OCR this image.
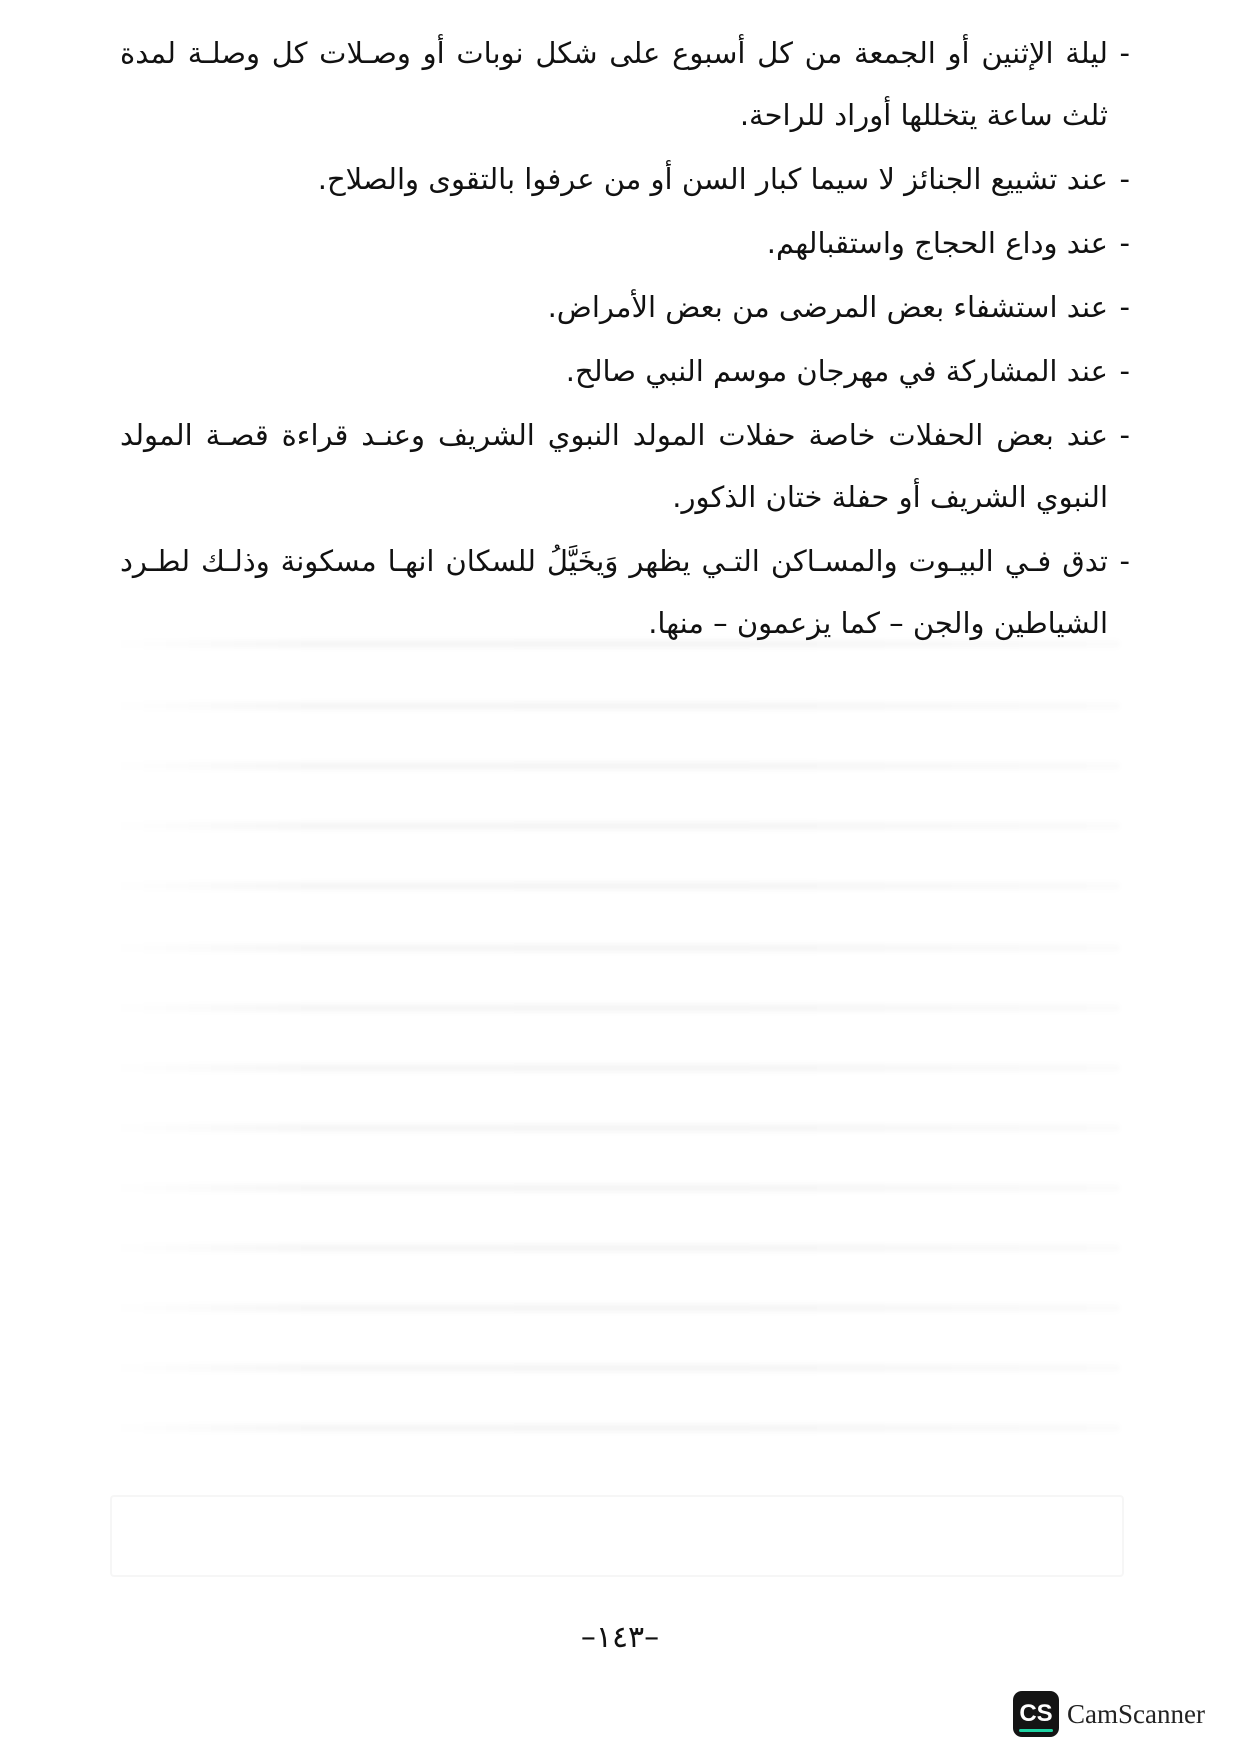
-
ليلة الإثنين أو الجمعة من كل أسبوع على شكل نوبات أو وصـلات كل وصلـة لمدة ثلث ساعة يتخللها أوراد للراحة.
-
عند تشييع الجنائز لا سيما كبار السن أو من عرفوا بالتقوى والصلاح.
-
عند وداع الحجاج واستقبالهم.
-
عند استشفاء بعض المرضى من بعض الأمراض.
-
عند المشاركة في مهرجان موسم النبي صالح.
-
عند بعض الحفلات خاصة حفلات المولد النبوي الشريف وعنـد قراءة قصـة المولد النبوي الشريف أو حفلة ختان الذكور.
-
تدق فـي البيـوت والمسـاكن التـي يظهر وَيخَيَّلُ للسكان انهـا مسكونة وذلـك لطـرد الشياطين والجن – كما يزعمون – منها.
–١٤٣–
CS CamScanner
